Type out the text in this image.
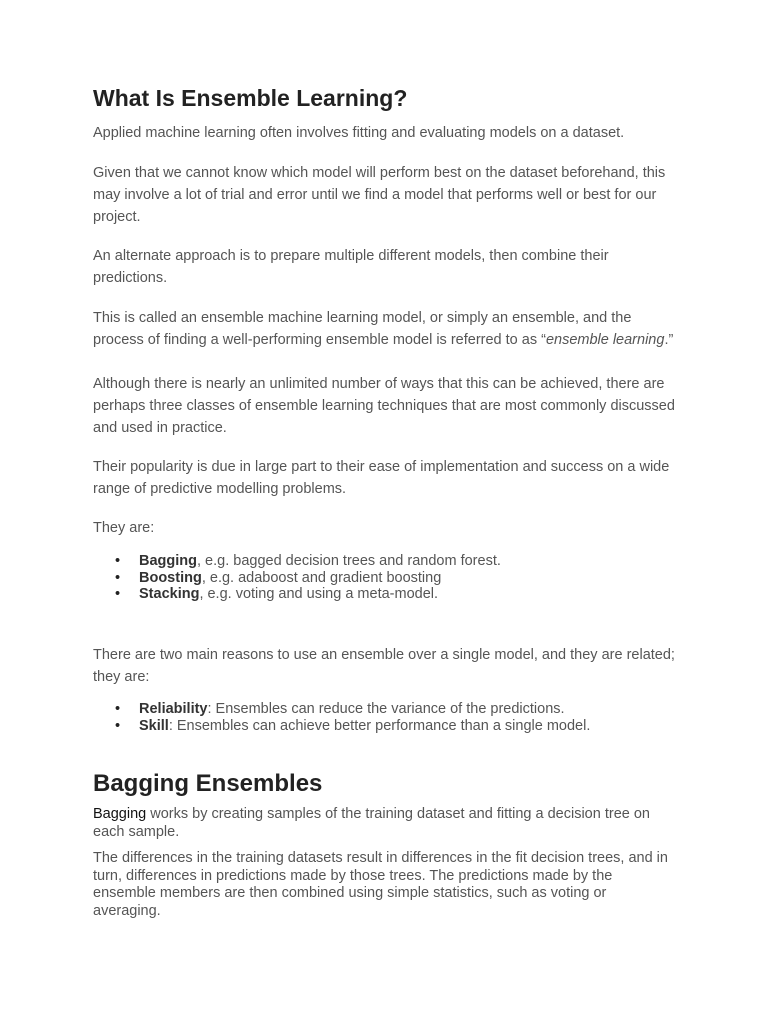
What Is Ensemble Learning?

Applied machine learning often involves fitting and evaluating models on a dataset.

Given that we cannot know which model will perform best on the dataset beforehand, this may involve a lot of trial and error until we find a model that performs well or best for our project.

An alternate approach is to prepare multiple different models, then combine their predictions.

This is called an ensemble machine learning model, or simply an ensemble, and the process of finding a well-performing ensemble model is referred to as “ensemble learning.”

Although there is nearly an unlimited number of ways that this can be achieved, there are perhaps three classes of ensemble learning techniques that are most commonly discussed and used in practice.

Their popularity is due in large part to their ease of implementation and success on a wide range of predictive modelling problems.

They are:

• Bagging, e.g. bagged decision trees and random forest.
• Boosting, e.g. adaboost and gradient boosting
• Stacking, e.g. voting and using a meta-model.

There are two main reasons to use an ensemble over a single model, and they are related; they are:

• Reliability: Ensembles can reduce the variance of the predictions.
• Skill: Ensembles can achieve better performance than a single model.
Bagging Ensembles

Bagging works by creating samples of the training dataset and fitting a decision tree on each sample.

The differences in the training datasets result in differences in the fit decision trees, and in turn, differences in predictions made by those trees. The predictions made by the ensemble members are then combined using simple statistics, such as voting or averaging.
